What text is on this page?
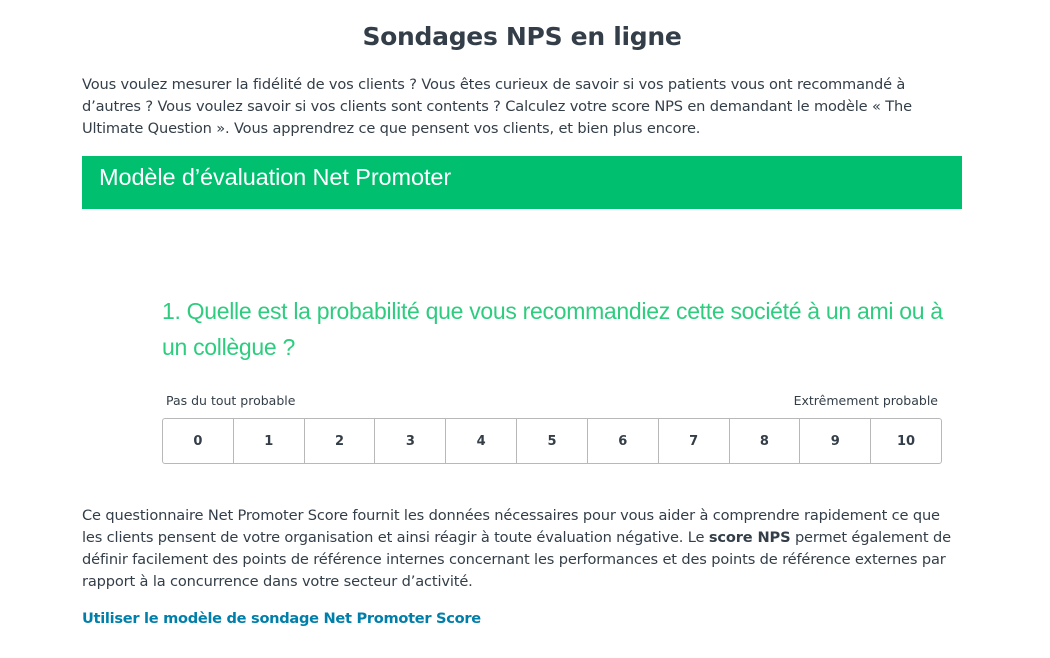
Sondages NPS en ligne

Vous voulez mesurer la fidélité de vos clients ? Vous êtes curieux de savoir si vos patients vous ont recommandé à d’autres ? Vous voulez savoir si vos clients sont contents ? Calculez votre score NPS en demandant le modèle « The Ultimate Question ». Vous apprendrez ce que pensent vos clients, et bien plus encore.

Modèle d’évaluation Net Promoter
1. Quelle est la probabilité que vous recommandiez cette société à un ami ou à un collègue ?
Pas du tout probable	Extrêmement probable
0	1	2	3	4	5	6	7	8	9	10

Ce questionnaire Net Promoter Score fournit les données nécessaires pour vous aider à comprendre rapidement ce que les clients pensent de votre organisation et ainsi réagir à toute évaluation négative. Le score NPS permet également de définir facilement des points de référence internes concernant les performances et des points de référence externes par rapport à la concurrence dans votre secteur d’activité.

Utiliser le modèle de sondage Net Promoter Score
